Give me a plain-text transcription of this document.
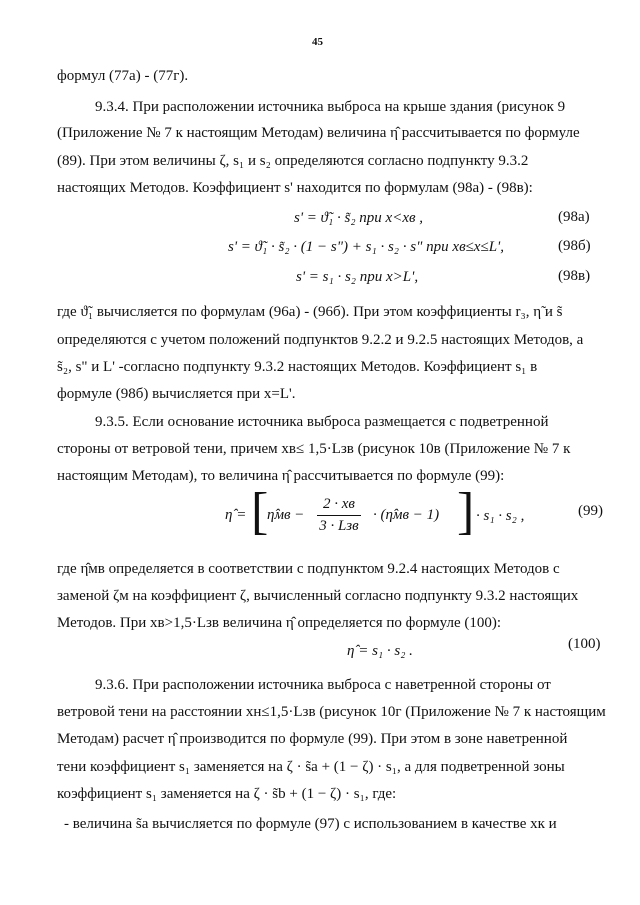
45
формул (77а) - (77г).
9.3.4. При расположении источника выброса на крыше здания (рисунок 9
(Приложение № 7 к настоящим Методам) величина η̂ рассчитывается по формуле
(89). При этом величины ζ, s₁ и s₂ определяются согласно подпункту 9.3.2
настоящих Методов. Коэффициент s' находится по формулам (98а) - (98в):
s' = ϑ̃₁ · s̃₂ при x<xв ,	(98а)
s' = ϑ̃₁ · s̃₂ · (1 − s") + s₁ · s₂ · s" при xв≤x≤L',	(98б)
s' = s₁ · s₂ при x>L',	(98в)
где ϑ̃₁ вычисляется по формулам (96а) - (96б). При этом коэффициенты r₃, η̃ и s̃
определяются с учетом положений подпунктов 9.2.2 и 9.2.5 настоящих Методов, а
s̃₂, s" и L' -согласно подпункту 9.3.2 настоящих Методов. Коэффициент s₁ в
формуле (98б) вычисляется при x=L'.
9.3.5. Если основание источника выброса размещается с подветренной
стороны от ветровой тени, причем xв≤ 1,5·Lзв (рисунок 10в (Приложение № 7 к
настоящим Методам), то величина η̂ рассчитывается по формуле (99):
η̂ = [
η̂мв −
2 · xв
3 · Lзв
· (η̂мв − 1) ] · s₁ · s₂ ,	(99)
где η̂мв определяется в соответствии с подпунктом 9.2.4 настоящих Методов с
заменой ζм на коэффициент ζ, вычисленный согласно подпункту 9.3.2 настоящих
Методов. При xв>1,5·Lзв величина η̂ определяется по формуле (100):
η̂ = s₁ · s₂ .	(100)
9.3.6. При расположении источника выброса с наветренной стороны от
ветровой тени на расстоянии xн≤1,5·Lзв (рисунок 10г (Приложение № 7 к настоящим
Методам) расчет η̂ производится по формуле (99). При этом в зоне наветренной
тени коэффициент s₁ заменяется на ζ · s̃a + (1 − ζ) · s₁, а для подветренной зоны
коэффициент s₁ заменяется на ζ · s̃b + (1 − ζ) · s₁, где:
- величина s̃a вычисляется по формуле (97) с использованием в качестве xк и
